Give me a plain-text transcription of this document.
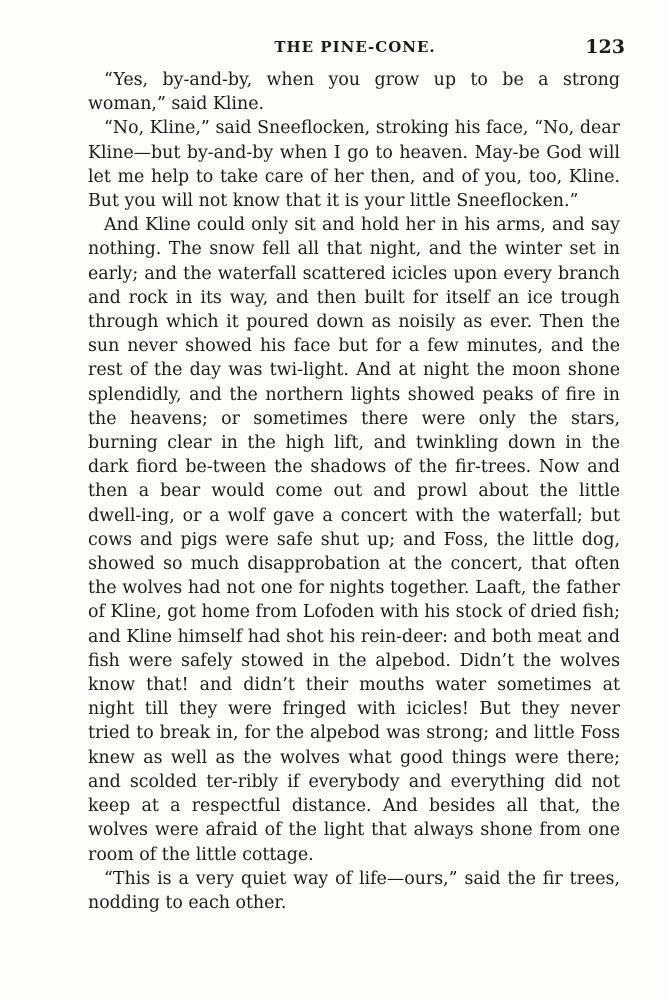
THE PINE-CONE.	123

“Yes, by-and-by, when you grow up to be a strong woman,” said Kline.

“No, Kline,” said Sneeflocken, stroking his face, “No, dear Kline—but by-and-by when I go to heaven. May-be God will let me help to take care of her then, and of you, too, Kline. But you will not know that it is your little Sneeflocken.”

And Kline could only sit and hold her in his arms, and say nothing. The snow fell all that night, and the winter set in early; and the waterfall scattered icicles upon every branch and rock in its way, and then built for itself an ice trough through which it poured down as noisily as ever. Then the sun never showed his face but for a few minutes, and the rest of the day was twi-light. And at night the moon shone splendidly, and the northern lights showed peaks of fire in the heavens; or sometimes there were only the stars, burning clear in the high lift, and twinkling down in the dark fiord be-tween the shadows of the fir-trees. Now and then a bear would come out and prowl about the little dwell-ing, or a wolf gave a concert with the waterfall; but cows and pigs were safe shut up; and Foss, the little dog, showed so much disapprobation at the concert, that often the wolves had not one for nights together. Laaft, the father of Kline, got home from Lofoden with his stock of dried fish; and Kline himself had shot his rein-deer: and both meat and fish were safely stowed in the alpebod. Didn’t the wolves know that! and didn’t their mouths water sometimes at night till they were fringed with icicles! But they never tried to break in, for the alpebod was strong; and little Foss knew as well as the wolves what good things were there; and scolded ter-ribly if everybody and everything did not keep at a respectful distance. And besides all that, the wolves were afraid of the light that always shone from one room of the little cottage.

“This is a very quiet way of life—ours,” said the fir trees, nodding to each other.
